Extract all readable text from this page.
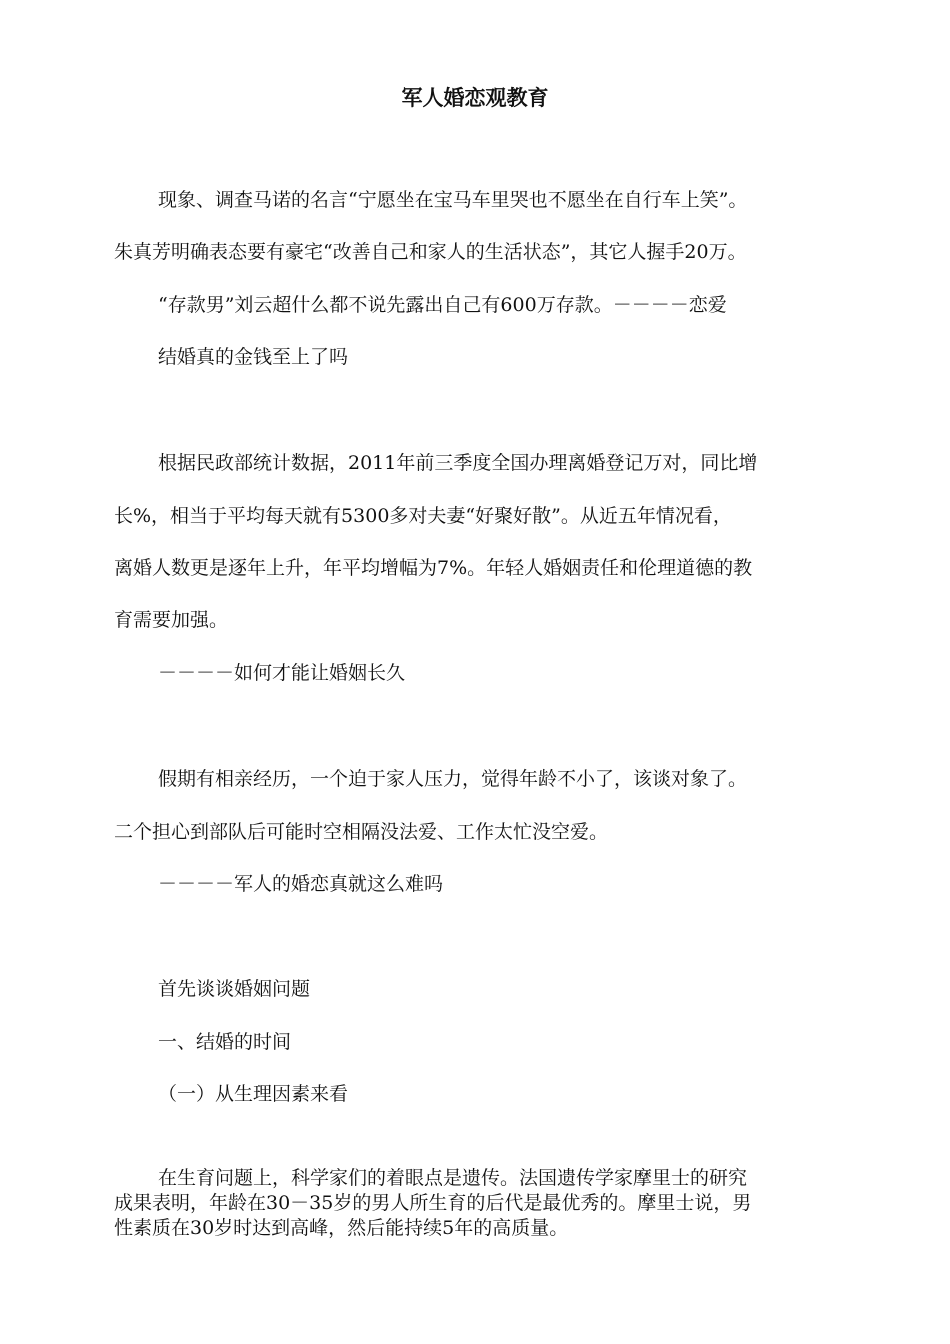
军人婚恋观教育
现象、调查马诺的名言“宁愿坐在宝马车里哭也不愿坐在自行车上笑”。
朱真芳明确表态要有豪宅“改善自己和家人的生活状态”，其它人握手20万。
“存款男”刘云超什么都不说先露出自己有600万存款。－－－－恋爱
结婚真的金钱至上了吗
根据民政部统计数据，2011年前三季度全国办理离婚登记万对，同比增
长%，相当于平均每天就有5300多对夫妻“好聚好散”。从近五年情况看，
离婚人数更是逐年上升，年平均增幅为7%。年轻人婚姻责任和伦理道德的教
育需要加强。
－－－－如何才能让婚姻长久
假期有相亲经历，一个迫于家人压力，觉得年龄不小了，该谈对象了。
二个担心到部队后可能时空相隔没法爱、工作太忙没空爱。
－－－－军人的婚恋真就这么难吗
首先谈谈婚姻问题
一、结婚的时间
（一）从生理因素来看
在生育问题上，科学家们的着眼点是遗传。法国遗传学家摩里士的研究
成果表明，年龄在30－35岁的男人所生育的后代是最优秀的。摩里士说，男
性素质在30岁时达到高峰，然后能持续5年的高质量。
